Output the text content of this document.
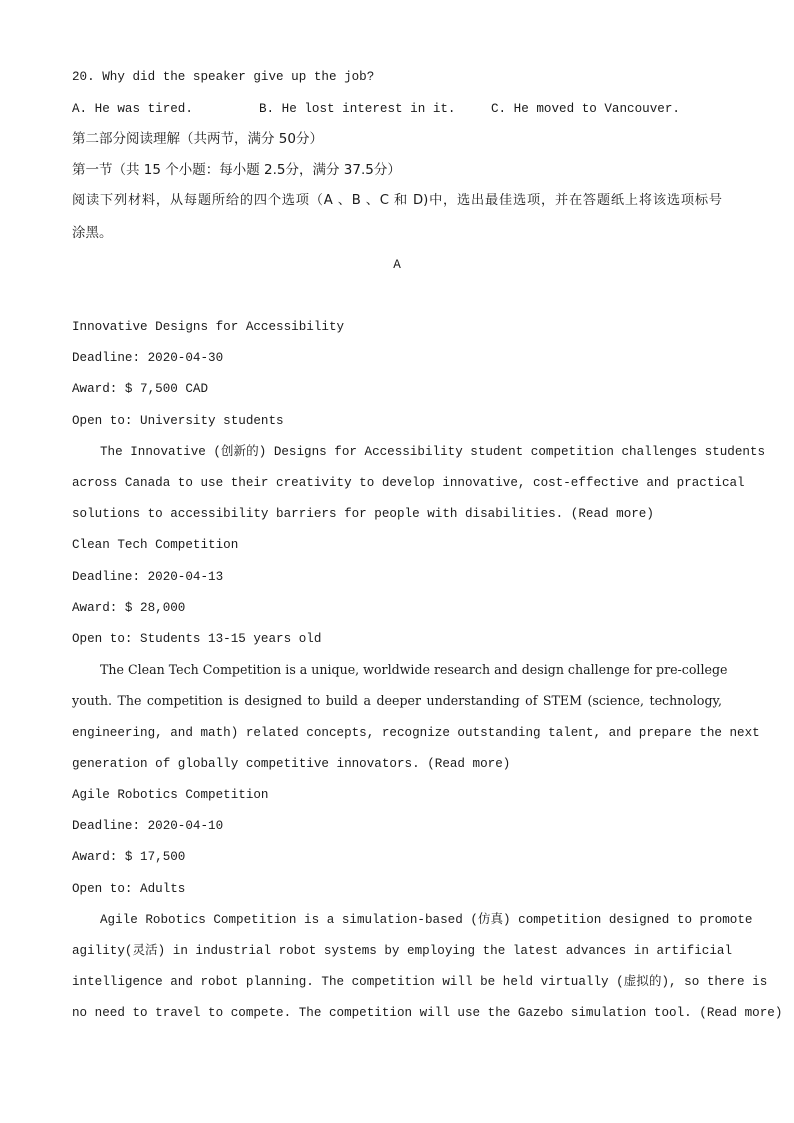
20. Why did the speaker give up the job?
A. He was tired.	B. He lost interest in it.	C. He moved to Vancouver.
第二部分阅读理解（共两节，满分 50分）
第一节（共 15 个小题：每小题 2.5分，满分 37.5分）
阅读下列材料，从每题所给的四个选项（A 、B 、C 和 D)中，选出最佳选项，并在答题纸上将该选项标号
涂黑。
A
Innovative Designs for Accessibility
Deadline: 2020-04-30
Award: $ 7,500 CAD
Open to: University students
The Innovative (创新的) Designs for Accessibility student competition challenges students
across Canada to use their creativity to develop innovative, cost-effective and practical
solutions to accessibility barriers for people with disabilities. (Read more)
Clean Tech Competition
Deadline: 2020-04-13
Award: $ 28,000
Open to: Students 13-15 years old
The Clean Tech Competition is a unique, worldwide research and design challenge for pre-college
youth. The competition is designed to build a deeper understanding of STEM (science, technology,
engineering, and math) related concepts, recognize outstanding talent, and prepare the next
generation of globally competitive innovators. (Read more)
Agile Robotics Competition
Deadline: 2020-04-10
Award: $ 17,500
Open to: Adults
Agile Robotics Competition is a simulation-based (仿真) competition designed to promote
agility(灵活) in industrial robot systems by employing the latest advances in artificial
intelligence and robot planning. The competition will be held virtually (虚拟的), so there is
no need to travel to compete. The competition will use the Gazebo simulation tool. (Read more)
